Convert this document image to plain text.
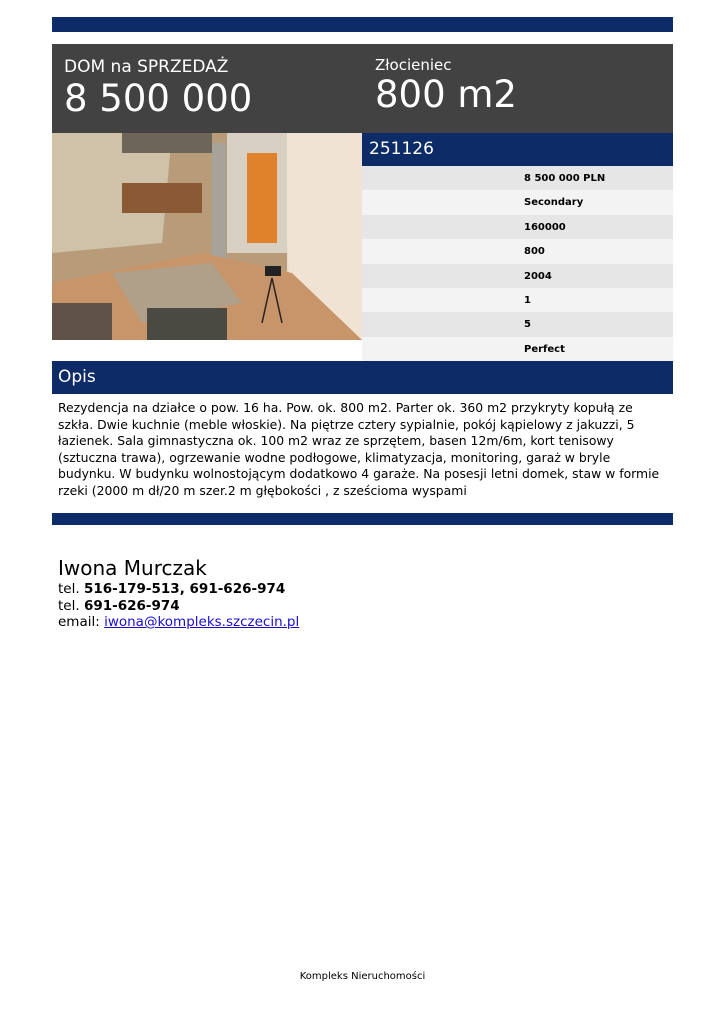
DOM na SPRZEDAŻ
8 500 000
Złocieniec
800 m2
251126
8 500 000 PLN
Secondary
160000
800
2004
1
5
Perfect
Opis
Rezydencja na działce o pow. 16 ha. Pow. ok. 800 m2. Parter ok. 360 m2 przykryty kopułą ze szkła. Dwie kuchnie (meble włoskie). Na piętrze cztery sypialnie, pokój kąpielowy z jakuzzi, 5 łazienek. Sala gimnastyczna ok. 100 m2 wraz ze sprzętem, basen 12m/6m, kort tenisowy (sztuczna trawa), ogrzewanie wodne podłogowe, klimatyzacja, monitoring, garaż w bryle budynku. W budynku wolnostojącym dodatkowo 4 garaże. Na posesji letni domek, staw w formie rzeki (2000 m dł/20 m szer.2 m głębokości , z sześcioma wyspami
Iwona Murczak
tel. 516-179-513, 691-626-974
tel. 691-626-974
email: iwona@kompleks.szczecin.pl
Kompleks Nieruchomości
